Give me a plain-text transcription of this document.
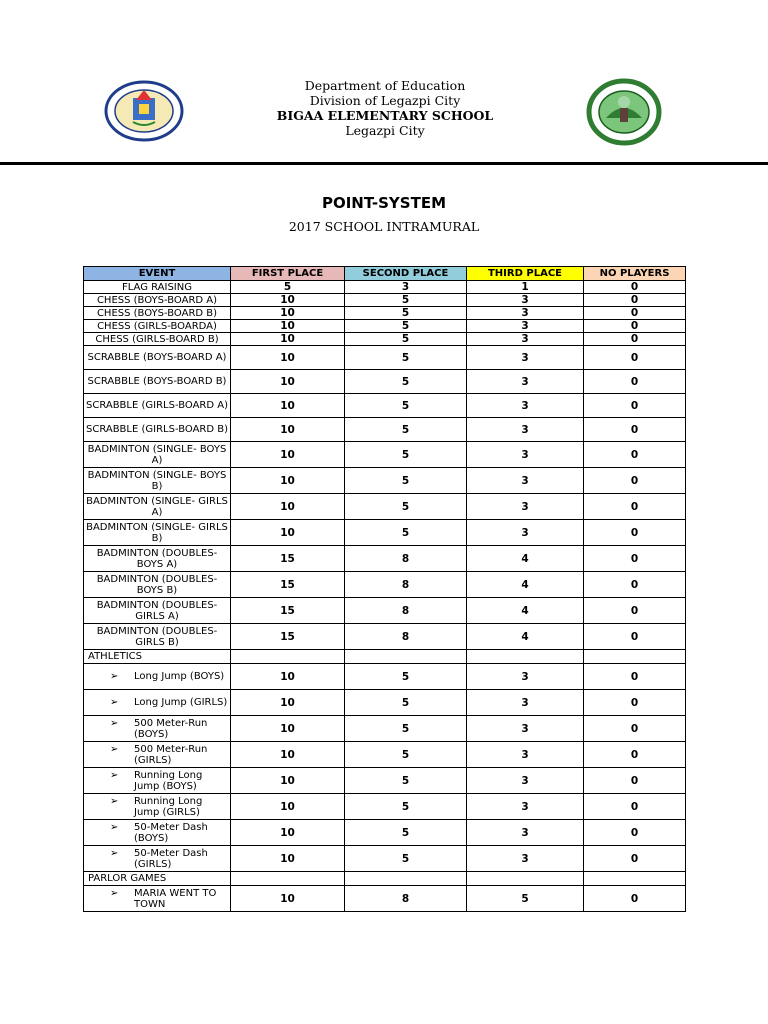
Department of Education
Division of Legazpi City
BIGAA ELEMENTARY SCHOOL
Legazpi City
POINT-SYSTEM
2017 SCHOOL INTRAMURAL
EVENT	FIRST PLACE	SECOND PLACE	THIRD PLACE	NO PLAYERS
FLAG RAISING	5	3	1	0
CHESS (BOYS-BOARD A)	10	5	3	0
CHESS (BOYS-BOARD B)	10	5	3	0
CHESS (GIRLS-BOARDA)	10	5	3	0
CHESS (GIRLS-BOARD B)	10	5	3	0
SCRABBLE (BOYS-BOARD A)	10	5	3	0
SCRABBLE (BOYS-BOARD B)	10	5	3	0
SCRABBLE (GIRLS-BOARD A)	10	5	3	0
SCRABBLE (GIRLS-BOARD B)	10	5	3	0
BADMINTON (SINGLE- BOYS A)	10	5	3	0
BADMINTON (SINGLE- BOYS B)	10	5	3	0
BADMINTON (SINGLE- GIRLS A)	10	5	3	0
BADMINTON (SINGLE- GIRLS B)	10	5	3	0
BADMINTON (DOUBLES- BOYS A)	15	8	4	0
BADMINTON (DOUBLES- BOYS B)	15	8	4	0
BADMINTON (DOUBLES- GIRLS A)	15	8	4	0
BADMINTON (DOUBLES- GIRLS B)	15	8	4	0
ATHLETICS				
➢ Long Jump (BOYS)	10	5	3	0
➢ Long Jump (GIRLS)	10	5	3	0
➢ 500 Meter-Run (BOYS)	10	5	3	0
➢ 500 Meter-Run (GIRLS)	10	5	3	0
➢ Running Long Jump (BOYS)	10	5	3	0
➢ Running Long Jump (GIRLS)	10	5	3	0
➢ 50-Meter Dash (BOYS)	10	5	3	0
➢ 50-Meter Dash (GIRLS)	10	5	3	0
PARLOR GAMES				
➢ MARIA WENT TO TOWN	10	8	5	0
